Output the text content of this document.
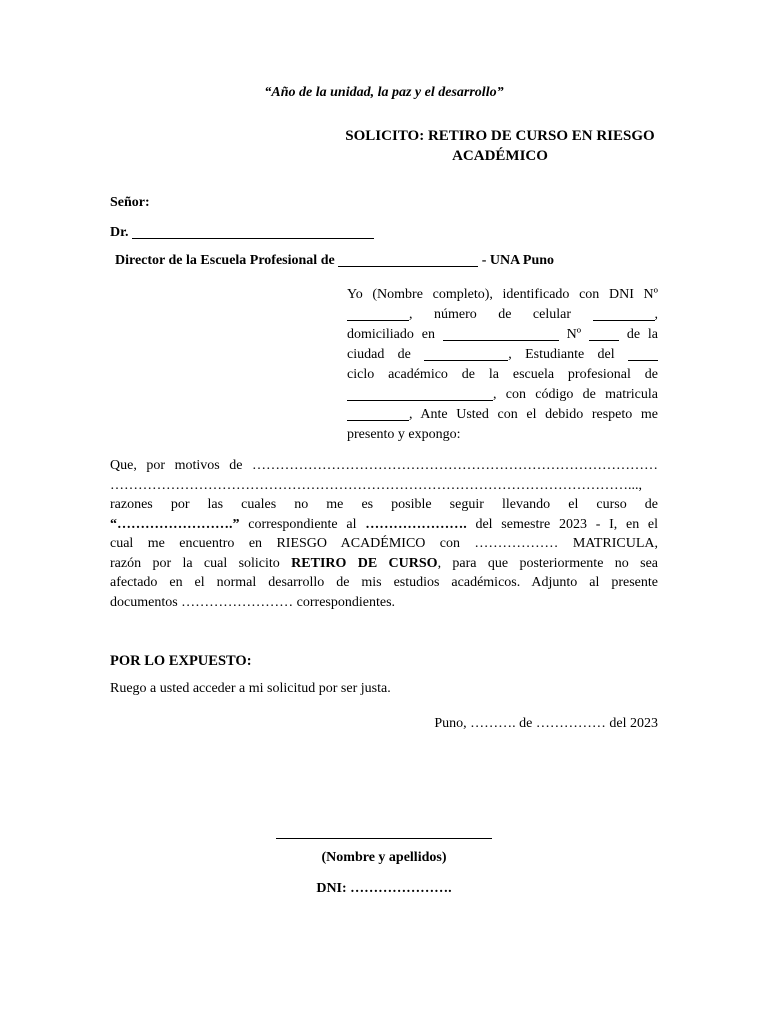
“Año de la unidad, la paz y el desarrollo”
SOLICITO: RETIRO DE CURSO EN RIESGO
ACADÉMICO
Señor:
Dr.
Director de la Escuela Profesional de	- UNA Puno
Yo (Nombre completo), identificado con DNI Nº
, número de celular	,
domiciliado en	Nº	de la
ciudad de	, Estudiante del
ciclo académico de la escuela profesional de
, con código de matricula
, Ante Usted con el debido respeto me
presento y expongo:
Que, por motivos de ……………………………………………………………………………
…………………………………………………………………………………………………...,
razones por las cuales no me es posible seguir llevando el curso de
“…………………….” correspondiente al …………………. del semestre 2023 - I, en el
cual me encuentro en RIESGO ACADÉMICO con ……………… MATRICULA,
razón por la cual solicito RETIRO DE CURSO, para que posteriormente no sea
afectado en el normal desarrollo de mis estudios académicos. Adjunto al presente
documentos …………………… correspondientes.
POR LO EXPUESTO:
Ruego a usted acceder a mi solicitud por ser justa.
Puno, ………. de …………… del 2023
(Nombre y apellidos)
DNI: ………………….
